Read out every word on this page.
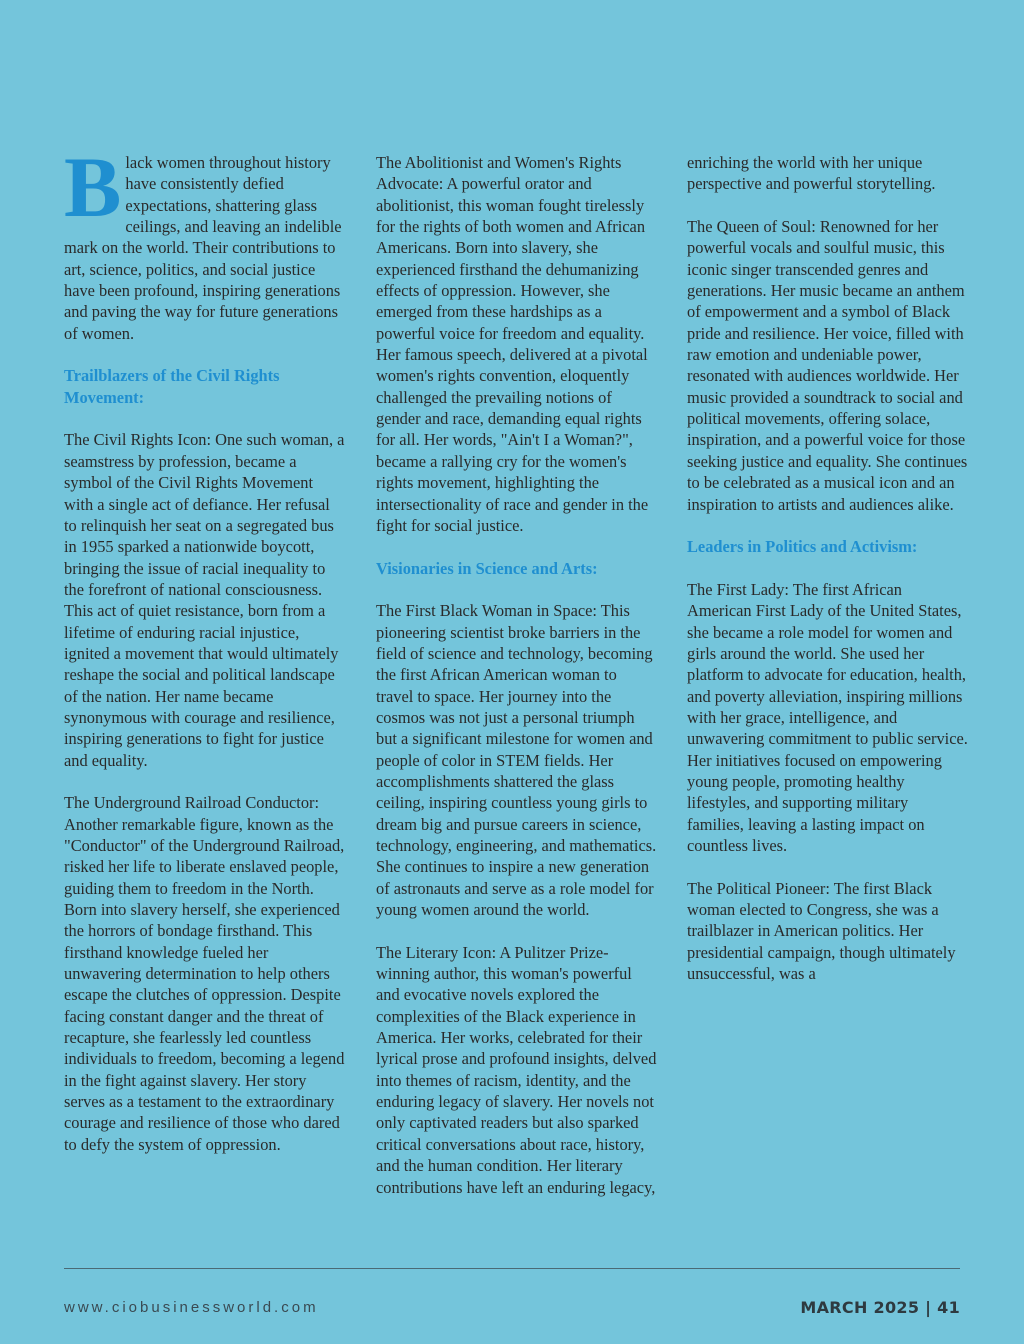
Black women throughout history have consistently defied expectations, shattering glass ceilings, and leaving an indelible mark on the world. Their contributions to art, science, politics, and social justice have been profound, inspiring generations and paving the way for future generations of women.

Trailblazers of the Civil Rights Movement:

The Civil Rights Icon: One such woman, a seamstress by profession, became a symbol of the Civil Rights Movement with a single act of defiance. Her refusal to relinquish her seat on a segregated bus in 1955 sparked a nationwide boycott, bringing the issue of racial inequality to the forefront of national consciousness. This act of quiet resistance, born from a lifetime of enduring racial injustice, ignited a movement that would ultimately reshape the social and political landscape of the nation. Her name became synonymous with courage and resilience, inspiring generations to fight for justice and equality.

The Underground Railroad Conductor: Another remarkable figure, known as the "Conductor" of the Underground Railroad, risked her life to liberate enslaved people, guiding them to freedom in the North. Born into slavery herself, she experienced the horrors of bondage firsthand. This firsthand knowledge fueled her unwavering determination to help others escape the clutches of oppression. Despite facing constant danger and the threat of recapture, she fearlessly led countless individuals to freedom, becoming a legend in the fight against slavery. Her story serves as a testament to the extraordinary courage and resilience of those who dared to defy the system of oppression.

The Abolitionist and Women's Rights Advocate: A powerful orator and abolitionist, this woman fought tirelessly for the rights of both women and African Americans. Born into slavery, she experienced firsthand the dehumanizing effects of oppression. However, she emerged from these hardships as a powerful voice for freedom and equality. Her famous speech, delivered at a pivotal women's rights convention, eloquently challenged the prevailing notions of gender and race, demanding equal rights for all. Her words, "Ain't I a Woman?", became a rallying cry for the women's rights movement, highlighting the intersectionality of race and gender in the fight for social justice.

Visionaries in Science and Arts:

The First Black Woman in Space: This pioneering scientist broke barriers in the field of science and technology, becoming the first African American woman to travel to space. Her journey into the cosmos was not just a personal triumph but a significant milestone for women and people of color in STEM fields. Her accomplishments shattered the glass ceiling, inspiring countless young girls to dream big and pursue careers in science, technology, engineering, and mathematics. She continues to inspire a new generation of astronauts and serve as a role model for young women around the world.

The Literary Icon: A Pulitzer Prize-winning author, this woman's powerful and evocative novels explored the complexities of the Black experience in America. Her works, celebrated for their lyrical prose and profound insights, delved into themes of racism, identity, and the enduring legacy of slavery. Her novels not only captivated readers but also sparked critical conversations about race, history, and the human condition. Her literary contributions have left an enduring legacy,

enriching the world with her unique perspective and powerful storytelling.

The Queen of Soul: Renowned for her powerful vocals and soulful music, this iconic singer transcended genres and generations. Her music became an anthem of empowerment and a symbol of Black pride and resilience. Her voice, filled with raw emotion and undeniable power, resonated with audiences worldwide. Her music provided a soundtrack to social and political movements, offering solace, inspiration, and a powerful voice for those seeking justice and equality. She continues to be celebrated as a musical icon and an inspiration to artists and audiences alike.

Leaders in Politics and Activism:

The First Lady: The first African American First Lady of the United States, she became a role model for women and girls around the world. She used her platform to advocate for education, health, and poverty alleviation, inspiring millions with her grace, intelligence, and unwavering commitment to public service. Her initiatives focused on empowering young people, promoting healthy lifestyles, and supporting military families, leaving a lasting impact on countless lives.

The Political Pioneer: The first Black woman elected to Congress, she was a trailblazer in American politics. Her presidential campaign, though ultimately unsuccessful, was a

www.ciobusinessworld.com	MARCH 2025 | 41
